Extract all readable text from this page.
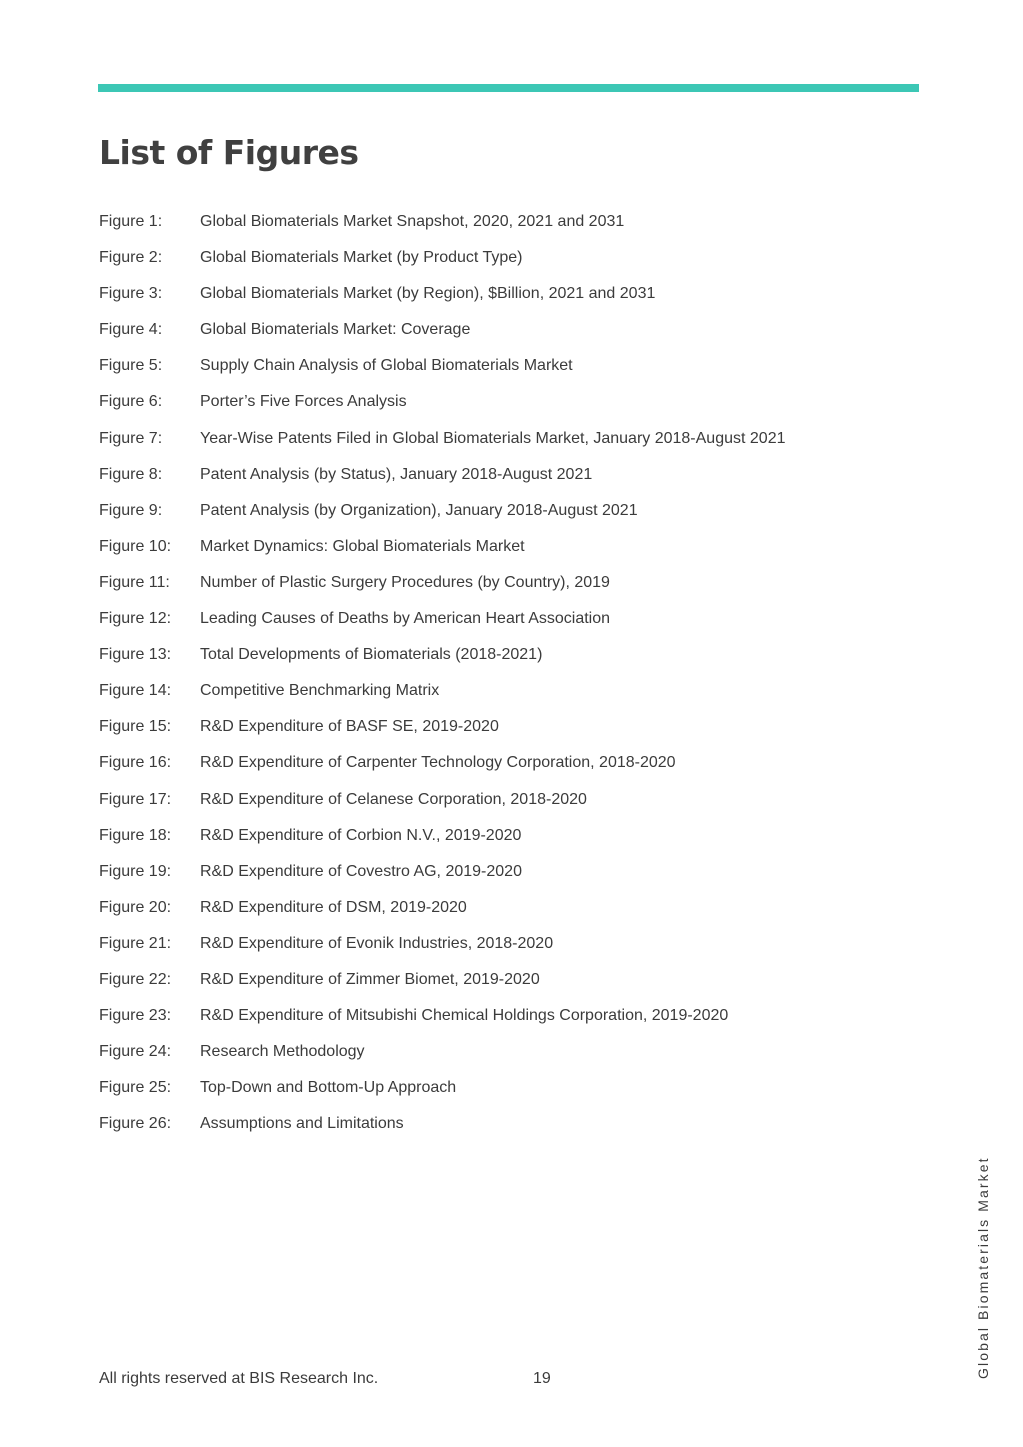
List of Figures
Figure 1:	Global Biomaterials Market Snapshot, 2020, 2021 and 2031
Figure 2:	Global Biomaterials Market (by Product Type)
Figure 3:	Global Biomaterials Market (by Region), $Billion, 2021 and 2031
Figure 4:	Global Biomaterials Market: Coverage
Figure 5:	Supply Chain Analysis of Global Biomaterials Market
Figure 6:	Porter’s Five Forces Analysis
Figure 7:	Year-Wise Patents Filed in Global Biomaterials Market, January 2018-August 2021
Figure 8:	Patent Analysis (by Status), January 2018-August 2021
Figure 9:	Patent Analysis (by Organization), January 2018-August 2021
Figure 10:	Market Dynamics: Global Biomaterials Market
Figure 11:	Number of Plastic Surgery Procedures (by Country), 2019
Figure 12:	Leading Causes of Deaths by American Heart Association
Figure 13:	Total Developments of Biomaterials (2018-2021)
Figure 14:	Competitive Benchmarking Matrix
Figure 15:	R&D Expenditure of BASF SE, 2019-2020
Figure 16:	R&D Expenditure of Carpenter Technology Corporation, 2018-2020
Figure 17:	R&D Expenditure of Celanese Corporation, 2018-2020
Figure 18:	R&D Expenditure of Corbion N.V., 2019-2020
Figure 19:	R&D Expenditure of Covestro AG, 2019-2020
Figure 20:	R&D Expenditure of DSM, 2019-2020
Figure 21:	R&D Expenditure of Evonik Industries, 2018-2020
Figure 22:	R&D Expenditure of Zimmer Biomet, 2019-2020
Figure 23:	R&D Expenditure of Mitsubishi Chemical Holdings Corporation, 2019-2020
Figure 24:	Research Methodology
Figure 25:	Top-Down and Bottom-Up Approach
Figure 26:	Assumptions and Limitations
All rights reserved at BIS Research Inc.	19	Global Biomaterials Market
